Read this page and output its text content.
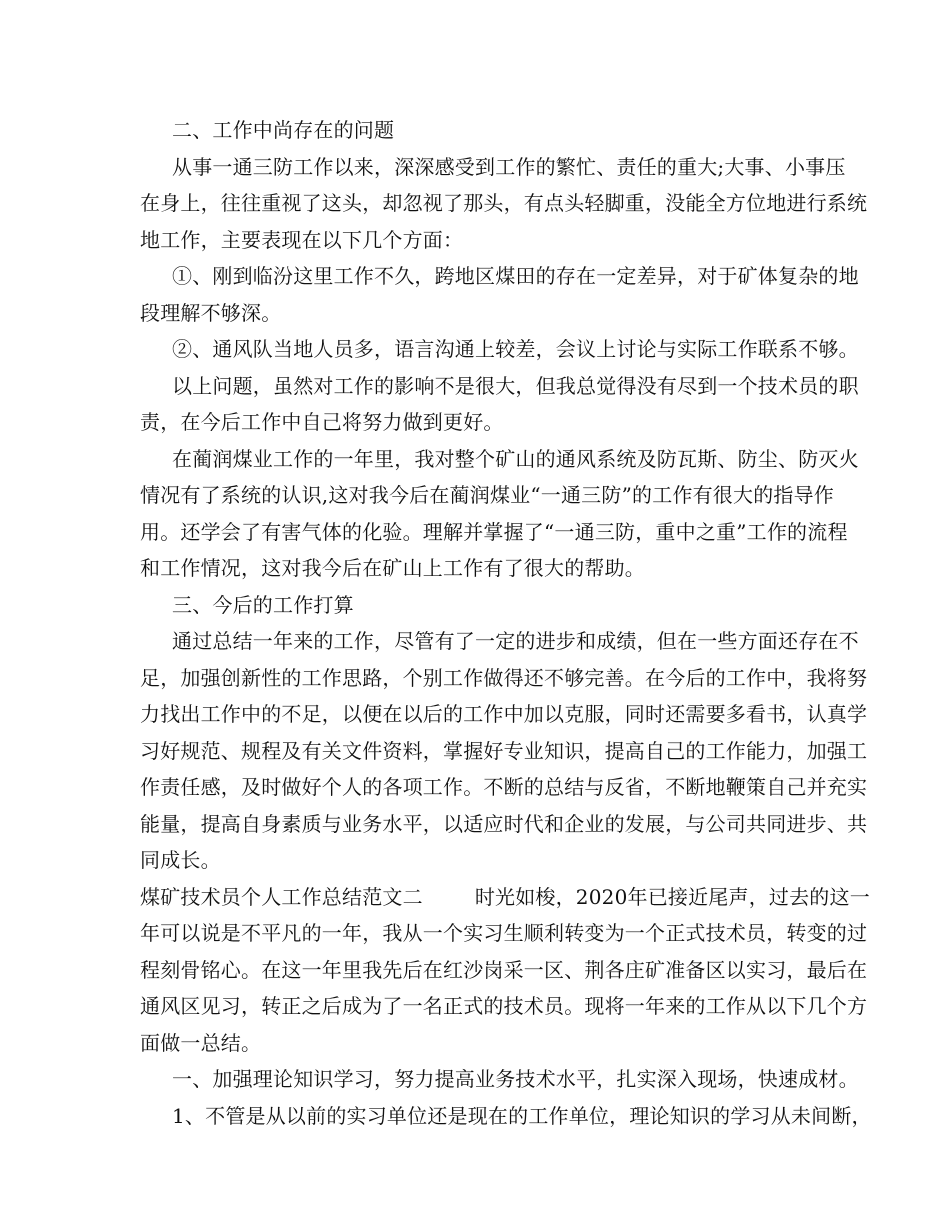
二、工作中尚存在的问题
从事一通三防工作以来，深深感受到工作的繁忙、责任的重大;大事、小事压
在身上，往往重视了这头，却忽视了那头，有点头轻脚重，没能全方位地进行系统
地工作，主要表现在以下几个方面：
①、刚到临汾这里工作不久，跨地区煤田的存在一定差异，对于矿体复杂的地
段理解不够深。
②、通风队当地人员多，语言沟通上较差，会议上讨论与实际工作联系不够。
以上问题，虽然对工作的影响不是很大，但我总觉得没有尽到一个技术员的职
责，在今后工作中自己将努力做到更好。
在蔺润煤业工作的一年里，我对整个矿山的通风系统及防瓦斯、防尘、防灭火
情况有了系统的认识,这对我今后在蔺润煤业“一通三防”的工作有很大的指导作
用。还学会了有害气体的化验。理解并掌握了“一通三防，重中之重”工作的流程
和工作情况，这对我今后在矿山上工作有了很大的帮助。
三、今后的工作打算
通过总结一年来的工作，尽管有了一定的进步和成绩，但在一些方面还存在不
足，加强创新性的工作思路，个别工作做得还不够完善。在今后的工作中，我将努
力找出工作中的不足，以便在以后的工作中加以克服，同时还需要多看书，认真学
习好规范、规程及有关文件资料，掌握好专业知识，提高自己的工作能力，加强工
作责任感，及时做好个人的各项工作。不断的总结与反省，不断地鞭策自己并充实
能量，提高自身素质与业务水平，以适应时代和企业的发展，与公司共同进步、共
同成长。
煤矿技术员个人工作总结范文二	时光如梭，2020年已接近尾声，过去的这一
年可以说是不平凡的一年，我从一个实习生顺利转变为一个正式技术员，转变的过
程刻骨铭心。在这一年里我先后在红沙岗采一区、荆各庄矿准备区以实习，最后在
通风区见习，转正之后成为了一名正式的技术员。现将一年来的工作从以下几个方
面做一总结。
一、加强理论知识学习，努力提高业务技术水平，扎实深入现场，快速成材。
1、不管是从以前的实习单位还是现在的工作单位，理论知识的学习从未间断，
